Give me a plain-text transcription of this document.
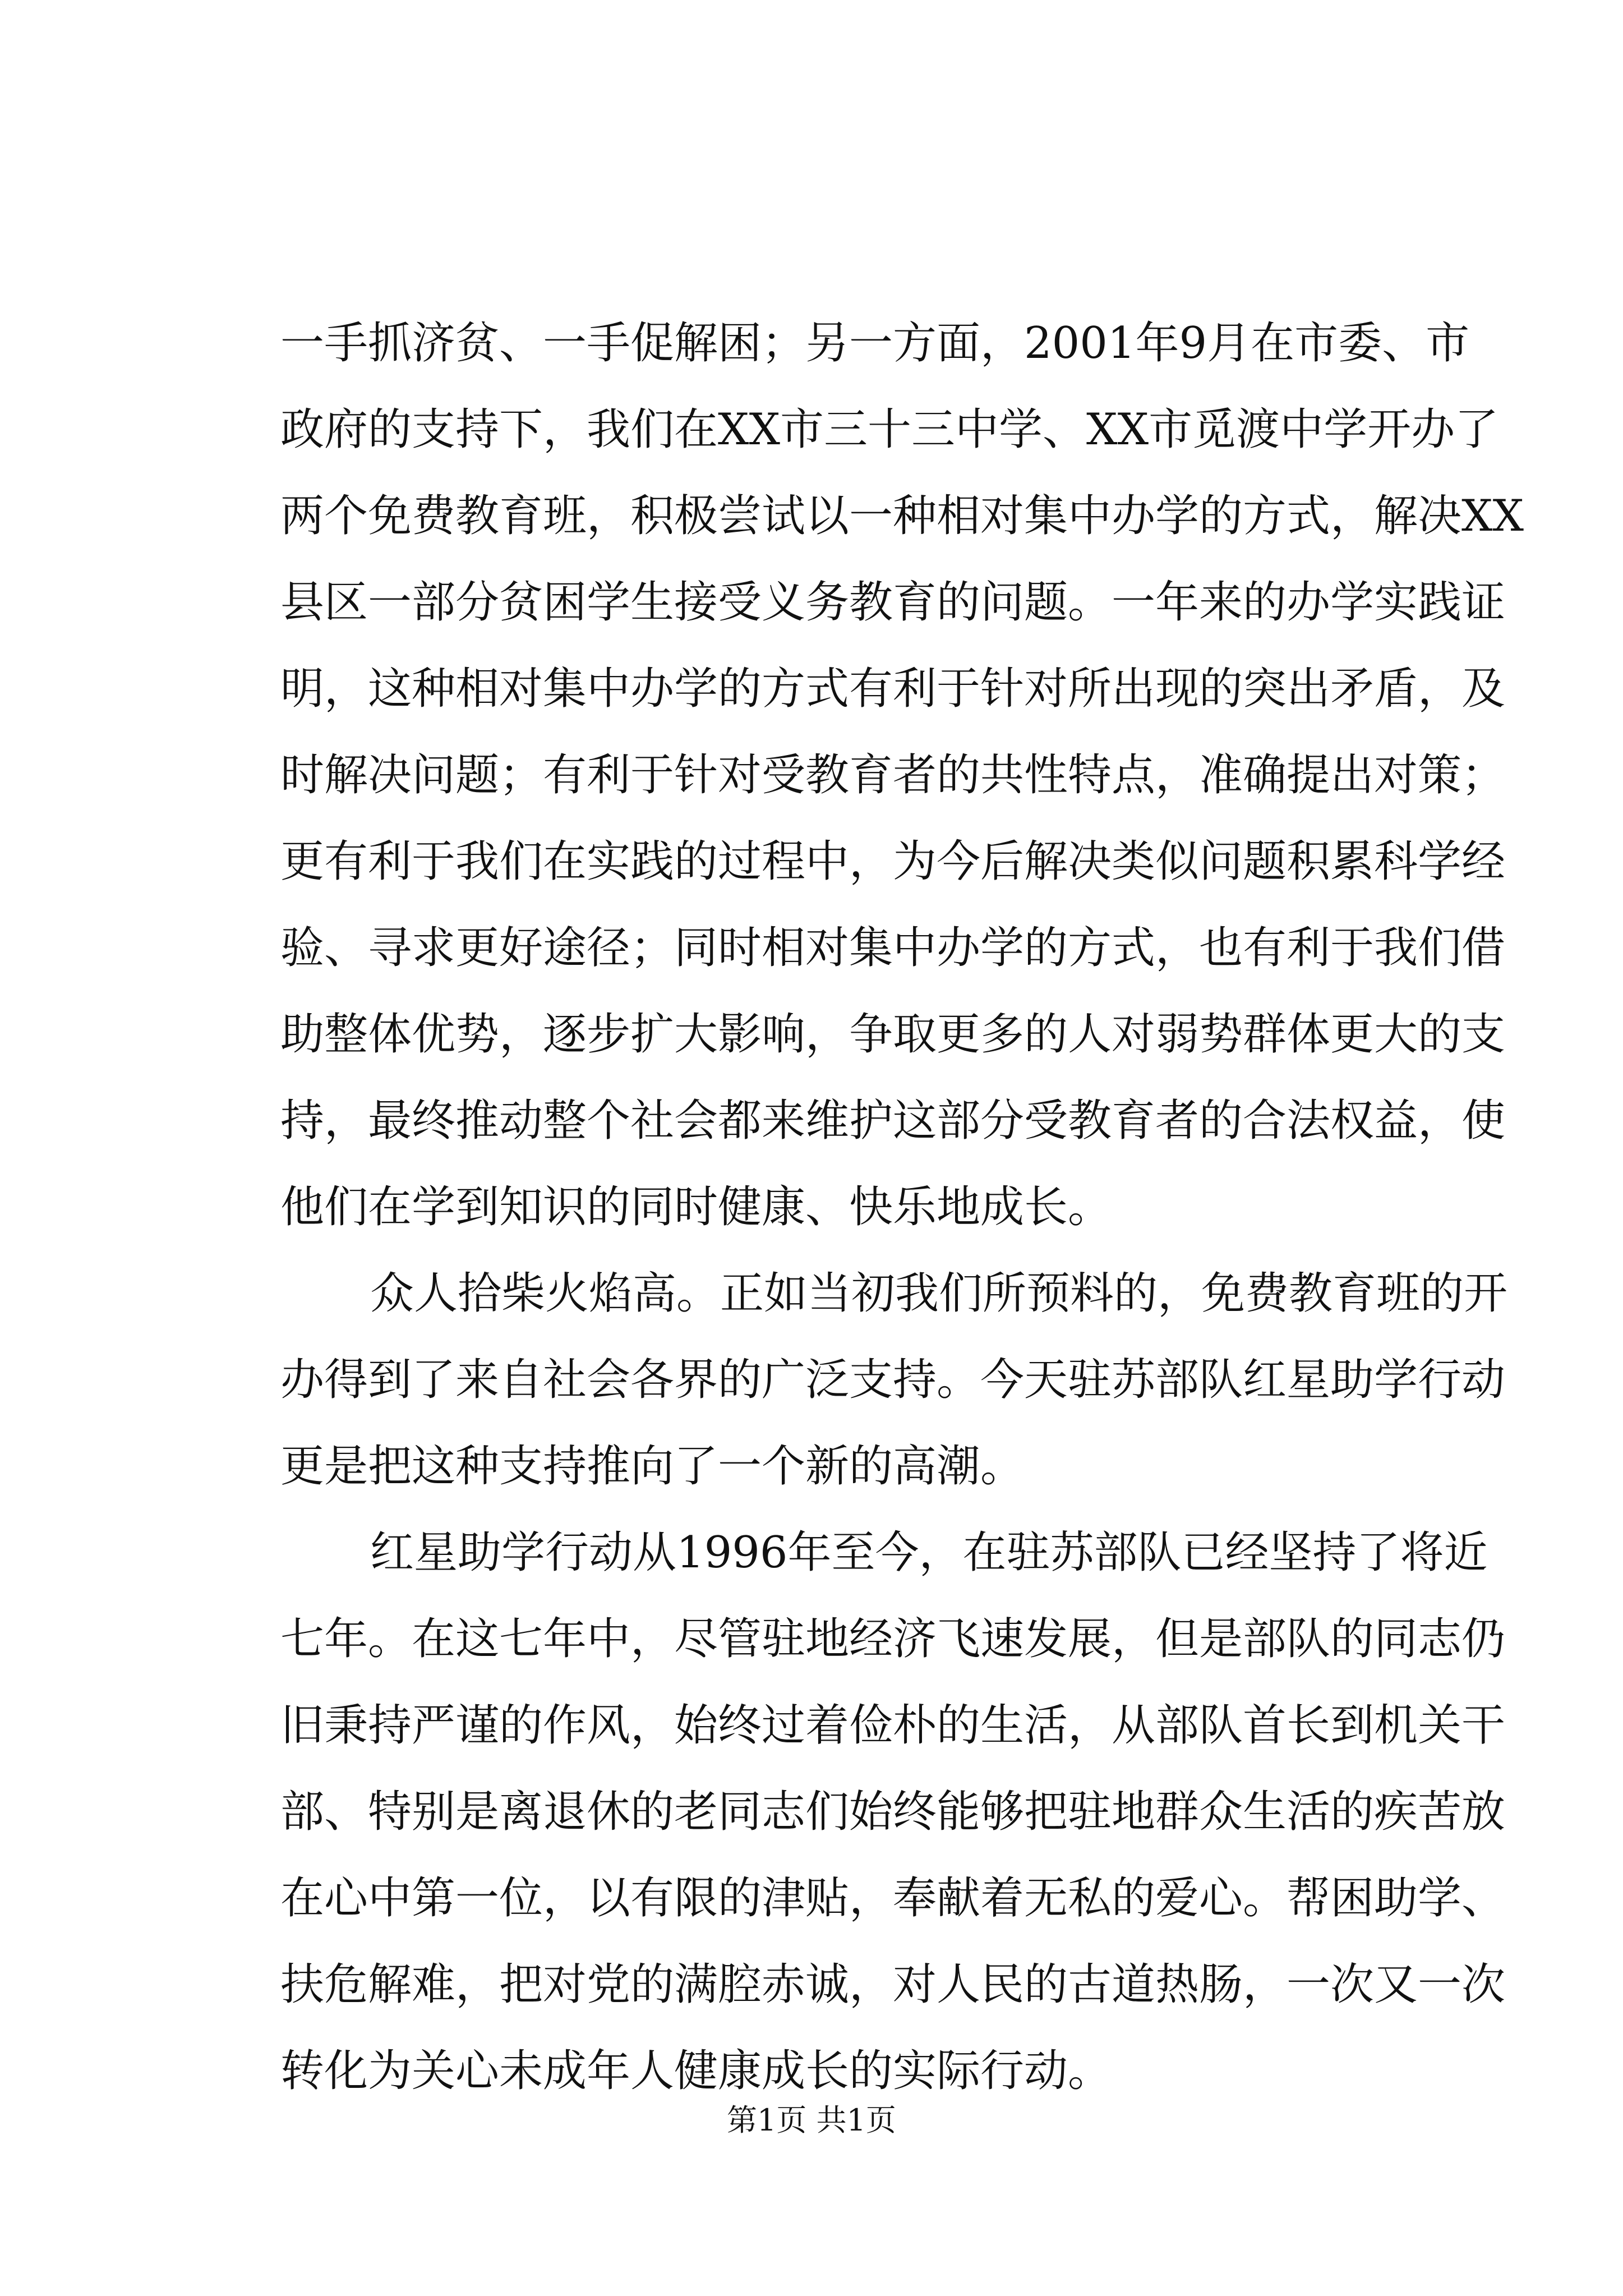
一手抓济贫、一手促解困；另一方面，2001年9月在市委、市
政府的支持下，我们在XX市三十三中学、XX市觅渡中学开办了
两个免费教育班，积极尝试以一种相对集中办学的方式，解决XX
县区一部分贫困学生接受义务教育的问题。一年来的办学实践证
明，这种相对集中办学的方式有利于针对所出现的突出矛盾，及
时解决问题；有利于针对受教育者的共性特点，准确提出对策；
更有利于我们在实践的过程中，为今后解决类似问题积累科学经
验、寻求更好途径；同时相对集中办学的方式，也有利于我们借
助整体优势，逐步扩大影响，争取更多的人对弱势群体更大的支
持，最终推动整个社会都来维护这部分受教育者的合法权益，使
他们在学到知识的同时健康、快乐地成长。
众人拾柴火焰高。正如当初我们所预料的，免费教育班的开
办得到了来自社会各界的广泛支持。今天驻苏部队红星助学行动
更是把这种支持推向了一个新的高潮。
红星助学行动从1996年至今，在驻苏部队已经坚持了将近
七年。在这七年中，尽管驻地经济飞速发展，但是部队的同志仍
旧秉持严谨的作风，始终过着俭朴的生活，从部队首长到机关干
部、特别是离退休的老同志们始终能够把驻地群众生活的疾苦放
在心中第一位，以有限的津贴，奉献着无私的爱心。帮困助学、
扶危解难，把对党的满腔赤诚，对人民的古道热肠，一次又一次
转化为关心未成年人健康成长的实际行动。
第1页 共1页
